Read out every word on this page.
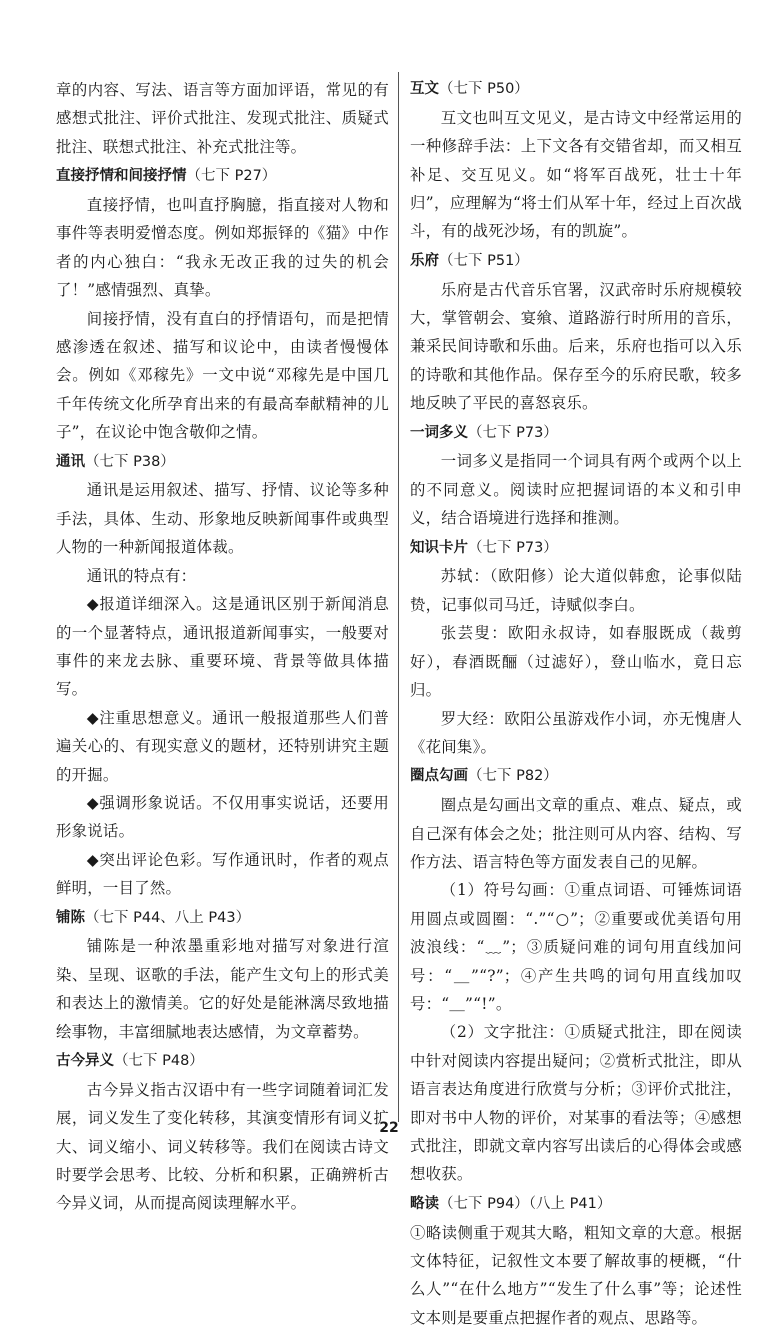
章的内容、写法、语言等方面加评语，常见的有感想式批注、评价式批注、发现式批注、质疑式批注、联想式批注、补充式批注等。

直接抒情和间接抒情（七下 P27）

直接抒情，也叫直抒胸臆，指直接对人物和事件等表明爱憎态度。例如郑振铎的《猫》中作者的内心独白：“我永无改正我的过失的机会了！”感情强烈、真挚。

间接抒情，没有直白的抒情语句，而是把情感渗透在叙述、描写和议论中，由读者慢慢体会。例如《邓稼先》一文中说“邓稼先是中国几千年传统文化所孕育出来的有最高奉献精神的儿子”，在议论中饱含敬仰之情。

通讯（七下 P38）

通讯是运用叙述、描写、抒情、议论等多种手法，具体、生动、形象地反映新闻事件或典型人物的一种新闻报道体裁。

通讯的特点有：

◆报道详细深入。这是通讯区别于新闻消息的一个显著特点，通讯报道新闻事实，一般要对事件的来龙去脉、重要环境、背景等做具体描写。

◆注重思想意义。通讯一般报道那些人们普遍关心的、有现实意义的题材，还特别讲究主题的开掘。

◆强调形象说话。不仅用事实说话，还要用形象说话。

◆突出评论色彩。写作通讯时，作者的观点鲜明，一目了然。

铺陈（七下 P44、八上 P43）

铺陈是一种浓墨重彩地对描写对象进行渲染、呈现、讴歌的手法，能产生文句上的形式美和表达上的激情美。它的好处是能淋漓尽致地描绘事物，丰富细腻地表达感情，为文章蓄势。

古今异义（七下 P48）

古今异义指古汉语中有一些字词随着词汇发展，词义发生了变化转移，其演变情形有词义扩大、词义缩小、词义转移等。我们在阅读古诗文时要学会思考、比较、分析和积累，正确辨析古今异义词，从而提高阅读理解水平。

互文（七下 P50）

互文也叫互文见义，是古诗文中经常运用的一种修辞手法：上下文各有交错省却，而又相互补足、交互见义。如“将军百战死，壮士十年归”，应理解为“将士们从军十年，经过上百次战斗，有的战死沙场，有的凯旋”。

乐府（七下 P51）

乐府是古代音乐官署，汉武帝时乐府规模较大，掌管朝会、宴飨、道路游行时所用的音乐，兼采民间诗歌和乐曲。后来，乐府也指可以入乐的诗歌和其他作品。保存至今的乐府民歌，较多地反映了平民的喜怒哀乐。

一词多义（七下 P73）

一词多义是指同一个词具有两个或两个以上的不同意义。阅读时应把握词语的本义和引申义，结合语境进行选择和推测。

知识卡片（七下 P73）

苏轼：（欧阳修）论大道似韩愈，论事似陆贽，记事似司马迁，诗赋似李白。

张芸叟：欧阳永叔诗，如春服既成（裁剪好），春酒既酾（过滤好），登山临水，竟日忘归。

罗大经：欧阳公虽游戏作小词，亦无愧唐人《花间集》。

圈点勾画（七下 P82）

圈点是勾画出文章的重点、难点、疑点，或自己深有体会之处；批注则可从内容、结构、写作方法、语言特色等方面发表自己的见解。

（1）符号勾画：①重点词语、可锤炼词语用圆点或圆圈：“.”“○”；②重要或优美语句用波浪线：“﹏”；③质疑问难的词句用直线加问号：“＿”“?”；④产生共鸣的词句用直线加叹号：“＿”“!”。

（2）文字批注：①质疑式批注，即在阅读中针对阅读内容提出疑问；②赏析式批注，即从语言表达角度进行欣赏与分析；③评价式批注，即对书中人物的评价，对某事的看法等；④感想式批注，即就文章内容写出读后的心得体会或感想收获。

略读（七下 P94）（八上 P41）

①略读侧重于观其大略，粗知文章的大意。根据文体特征，记叙性文本要了解故事的梗概，“什么人”“在什么地方”“发生了什么事”等；论述性文本则是要重点把握作者的观点、思路等。

22
